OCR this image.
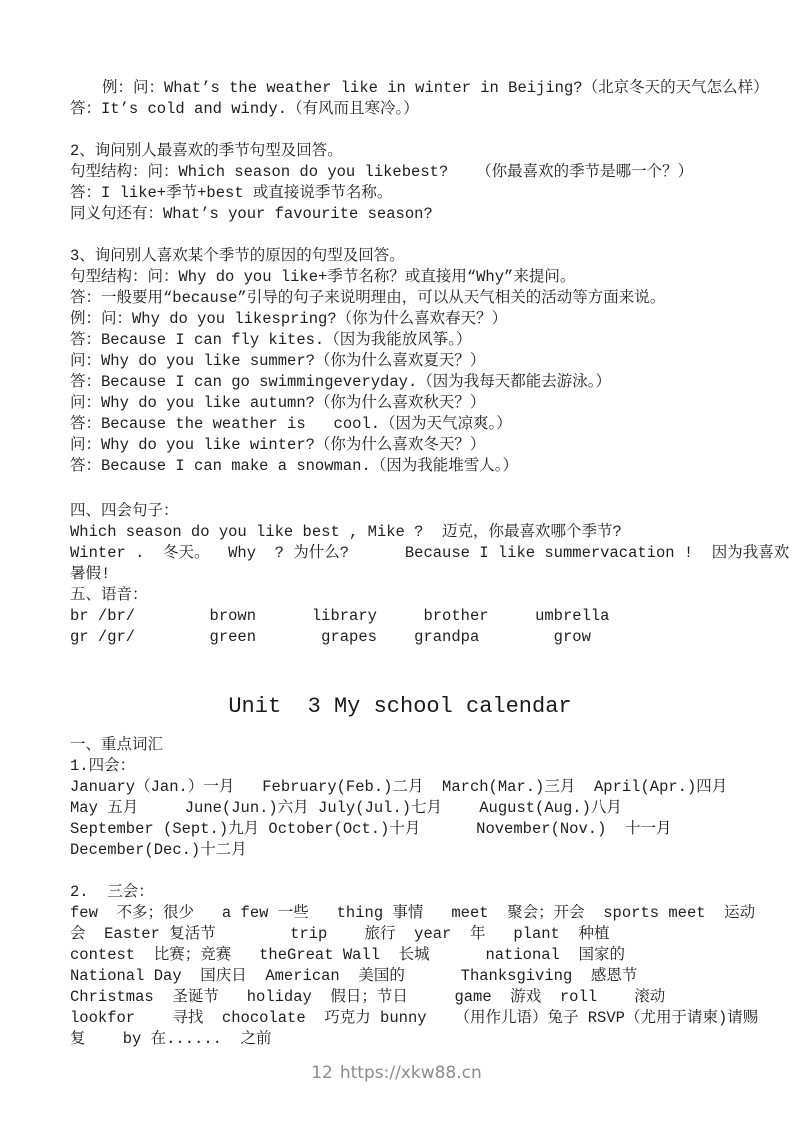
例：问：What’s the weather like in winter in Beijing?（北京冬天的天气怎么样）

答：It’s cold and windy.（有风而且寒冷。）

2、询问别人最喜欢的季节句型及回答。

句型结构：问：Which season do you likebest?   （你最喜欢的季节是哪一个？）

答：I like+季节+best 或直接说季节名称。

同义句还有：What’s your favourite season?

3、询问别人喜欢某个季节的原因的句型及回答。

句型结构：问：Why do you like+季节名称？或直接用“Why”来提问。

答：一般要用“because”引导的句子来说明理由，可以从天气相关的活动等方面来说。

例：问：Why do you likespring?（你为什么喜欢春天？）

答：Because I can fly kites.（因为我能放风筝。）

问：Why do you like summer?（你为什么喜欢夏天？）

答：Because I can go swimmingeveryday.（因为我每天都能去游泳。）

问：Why do you like autumn?（你为什么喜欢秋天？）

答：Because the weather is   cool.（因为天气凉爽。）

问：Why do you like winter?（你为什么喜欢冬天？）

答：Because I can make a snowman.（因为我能堆雪人。）

四、四会句子：

Which season do you like best , Mike ?  迈克，你最喜欢哪个季节?

Winter .  冬天。  Why  ? 为什么?      Because I like summervacation !  因为我喜欢

暑假!

五、语音：

br /br/        brown      library     brother     umbrella

gr /gr/        green       grapes    grandpa        grow

Unit  3 My school calendar

一、重点词汇

1.四会：

January（Jan.）一月   February(Feb.)二月  March(Mar.)三月  April(Apr.)四月

May 五月     June(Jun.)六月 July(Jul.)七月    August(Aug.)八月

September (Sept.)九月 October(Oct.)十月      November(Nov.)  十一月

December(Dec.)十二月

2.  三会：

few  不多；很少   a few 一些   thing 事情   meet  聚会；开会  sports meet  运动

会  Easter 复活节        trip    旅行  year  年   plant  种植

contest  比赛；竞赛   theGreat Wall  长城      national  国家的

National Day  国庆日  American  美国的      Thanksgiving  感恩节

Christmas  圣诞节   holiday  假日；节日     game  游戏  roll    滚动

lookfor    寻找  chocolate  巧克力 bunny   （用作儿语）兔子 RSVP（尤用于请柬)请赐

复    by 在......  之前

12 https://xkw88.cn
